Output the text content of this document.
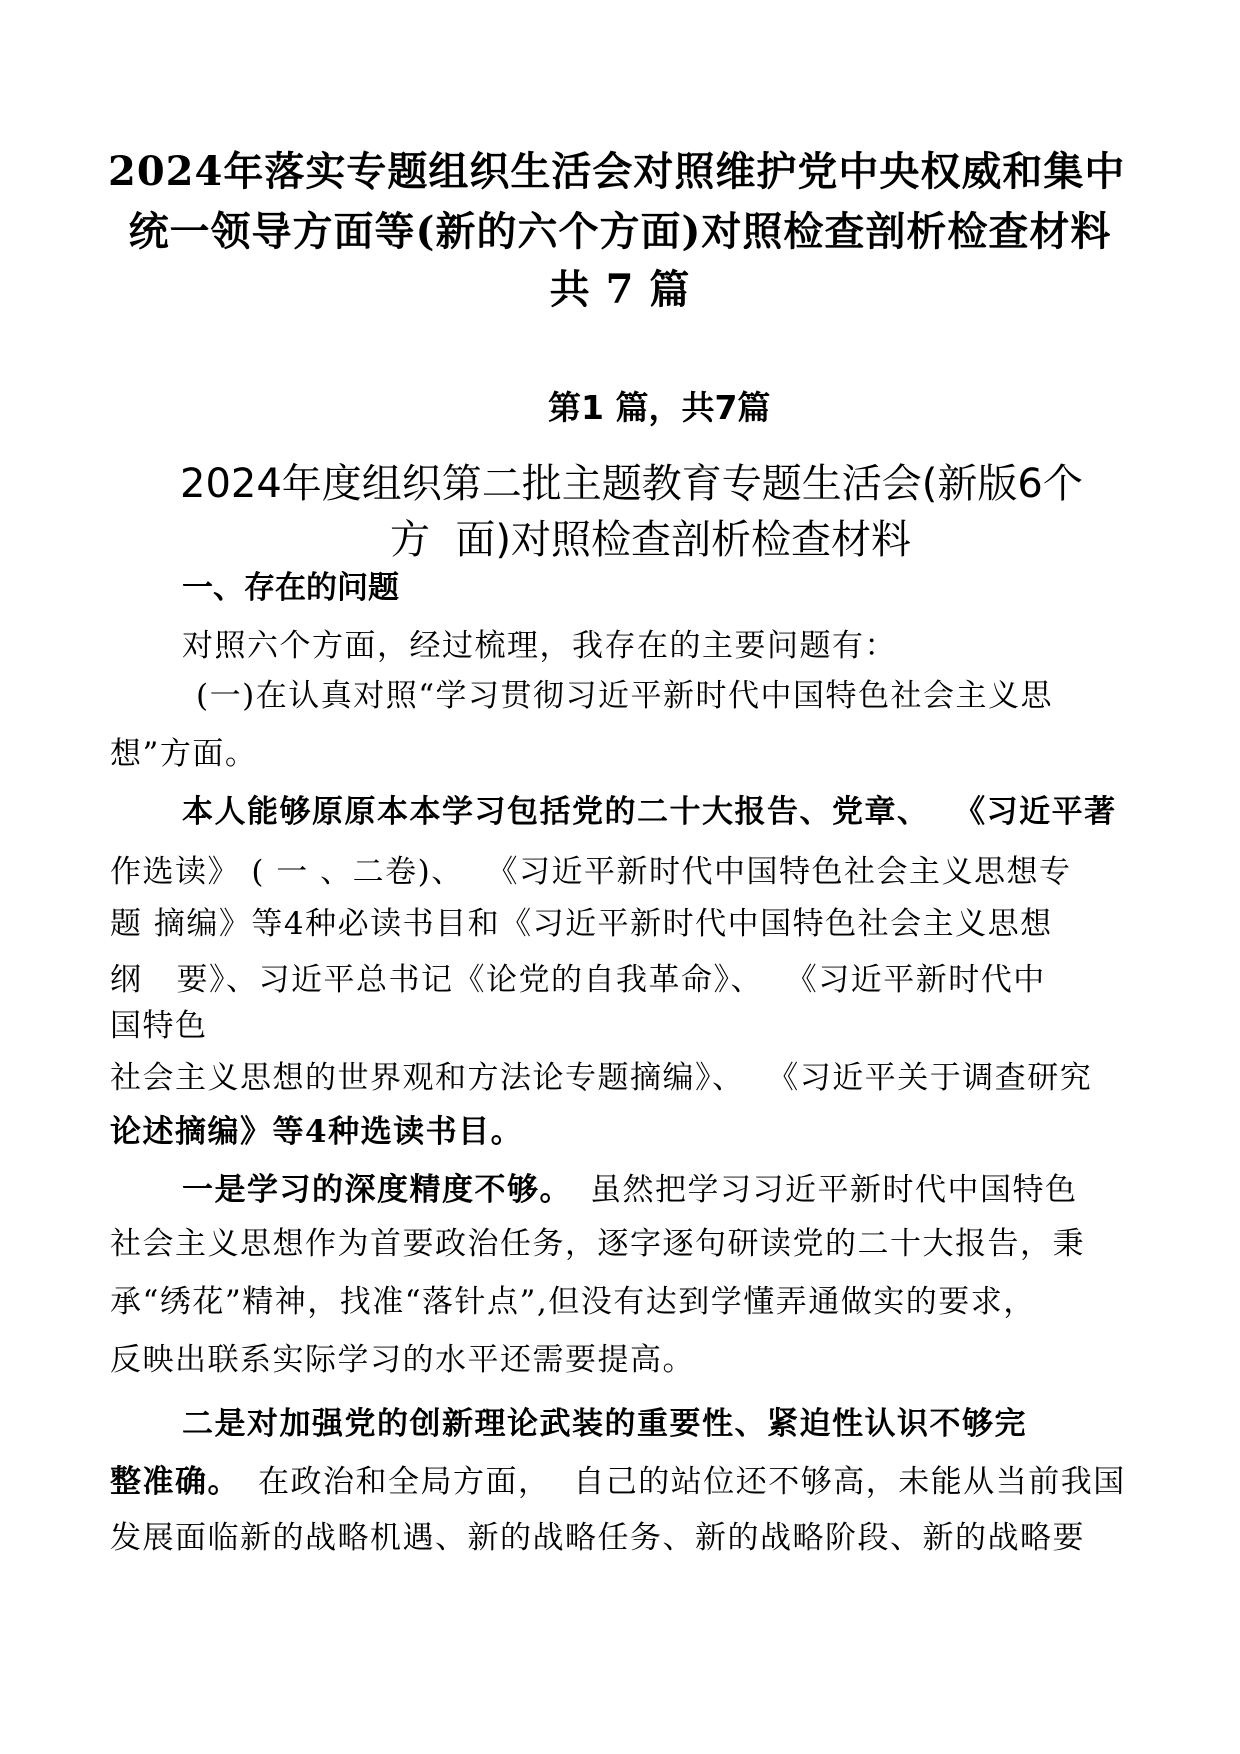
2024年落实专题组织生活会对照维护党中央权威和集中
统一领导方面等(新的六个方面)对照检查剖析检查材料
共 7 篇
第1 篇，共7篇
2024年度组织第二批主题教育专题生活会(新版6个
方  面)对照检查剖析检查材料
一、存在的问题
对照六个方面，经过梳理，我存在的主要问题有：
(一)在认真对照“学习贯彻习近平新时代中国特色社会主义思
想”方面。
本人能够原原本本学习包括党的二十大报告、党章、  《习近平著
作选读》 ( 一 、二卷)、  《习近平新时代中国特色社会主义思想专
题 摘编》等4种必读书目和《习近平新时代中国特色社会主义思想
纲   要》、习近平总书记《论党的自我革命》、  《习近平新时代中
国特色
社会主义思想的世界观和方法论专题摘编》、  《习近平关于调查研究
论述摘编》等4种选读书目。
一是学习的深度精度不够。 虽然把学习习近平新时代中国特色
社会主义思想作为首要政治任务，逐字逐句研读党的二十大报告，秉
承“绣花”精神，找准“落针点”,但没有达到学懂弄通做实的要求，
反映出联系实际学习的水平还需要提高。
二是对加强党的创新理论武装的重要性、紧迫性认识不够完
整准确。 在政治和全局方面，  自己的站位还不够高，未能从当前我国
发展面临新的战略机遇、新的战略任务、新的战略阶段、新的战略要
